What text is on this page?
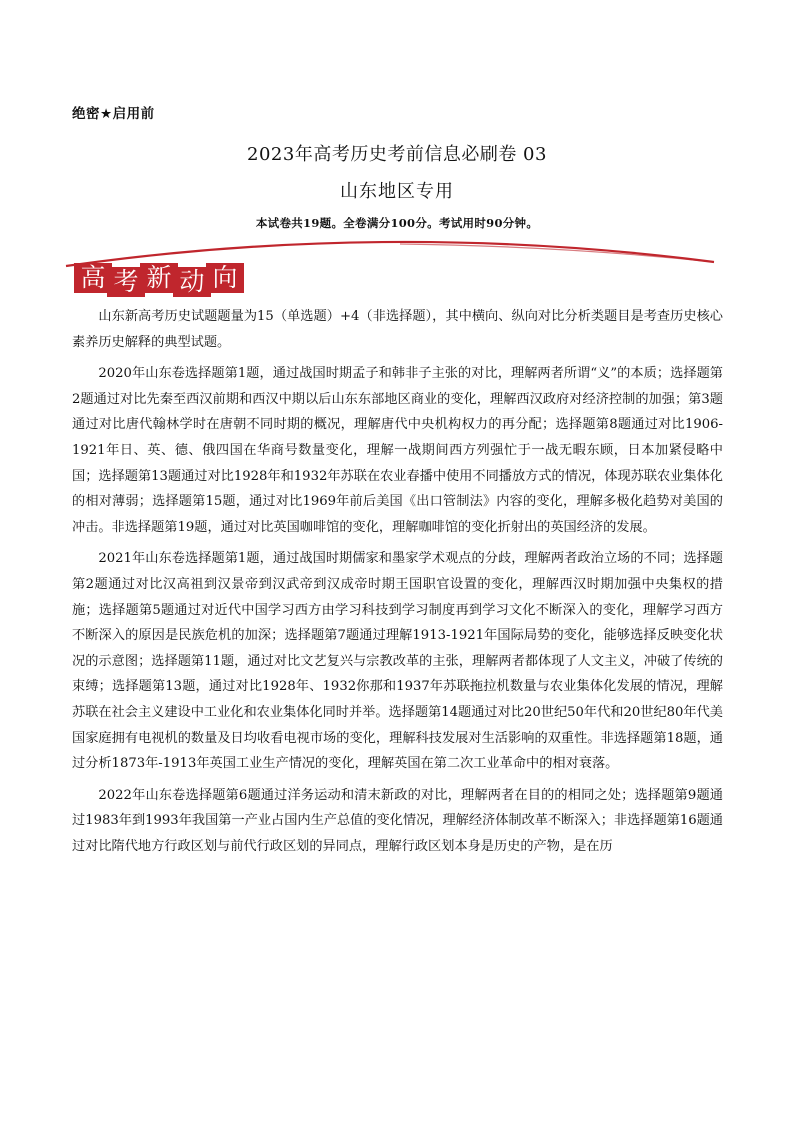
绝密★启用前
2023年高考历史考前信息必刷卷 03
山东地区专用
本试卷共19题。全卷满分100分。考试用时90分钟。
高 考 新 动 向

山东新高考历史试题题量为15（单选题）+4（非选择题），其中横向、纵向对比分析类题目是考查历史核心素养历史解释的典型试题。

2020年山东卷选择题第1题，通过战国时期孟子和韩非子主张的对比，理解两者所谓“义”的本质；选择题第2题通过对比先秦至西汉前期和西汉中期以后山东东部地区商业的变化，理解西汉政府对经济控制的加强；第3题通过对比唐代翰林学时在唐朝不同时期的概况，理解唐代中央机构权力的再分配；选择题第8题通过对比1906-1921年日、英、德、俄四国在华商号数量变化，理解一战期间西方列强忙于一战无暇东顾，日本加紧侵略中国；选择题第13题通过对比1928年和1932年苏联在农业春播中使用不同播放方式的情况，体现苏联农业集体化的相对薄弱；选择题第15题，通过对比1969年前后美国《出口管制法》内容的变化，理解多极化趋势对美国的冲击。非选择题第19题，通过对比英国咖啡馆的变化，理解咖啡馆的变化折射出的英国经济的发展。

2021年山东卷选择题第1题，通过战国时期儒家和墨家学术观点的分歧，理解两者政治立场的不同；选择题第2题通过对比汉高祖到汉景帝到汉武帝到汉成帝时期王国职官设置的变化，理解西汉时期加强中央集权的措施；选择题第5题通过对近代中国学习西方由学习科技到学习制度再到学习文化不断深入的变化，理解学习西方不断深入的原因是民族危机的加深；选择题第7题通过理解1913-1921年国际局势的变化，能够选择反映变化状况的示意图；选择题第11题，通过对比文艺复兴与宗教改革的主张，理解两者都体现了人文主义，冲破了传统的束缚；选择题第13题，通过对比1928年、1932你那和1937年苏联拖拉机数量与农业集体化发展的情况，理解苏联在社会主义建设中工业化和农业集体化同时并举。选择题第14题通过对比20世纪50年代和20世纪80年代美国家庭拥有电视机的数量及日均收看电视市场的变化，理解科技发展对生活影响的双重性。非选择题第18题，通过分析1873年-1913年英国工业生产情况的变化，理解英国在第二次工业革命中的相对衰落。

2022年山东卷选择题第6题通过洋务运动和清末新政的对比，理解两者在目的的相同之处；选择题第9题通过1983年到1993年我国第一产业占国内生产总值的变化情况，理解经济体制改革不断深入；非选择题第16题通过对比隋代地方行政区划与前代行政区划的异同点，理解行政区划本身是历史的产物，是在历
